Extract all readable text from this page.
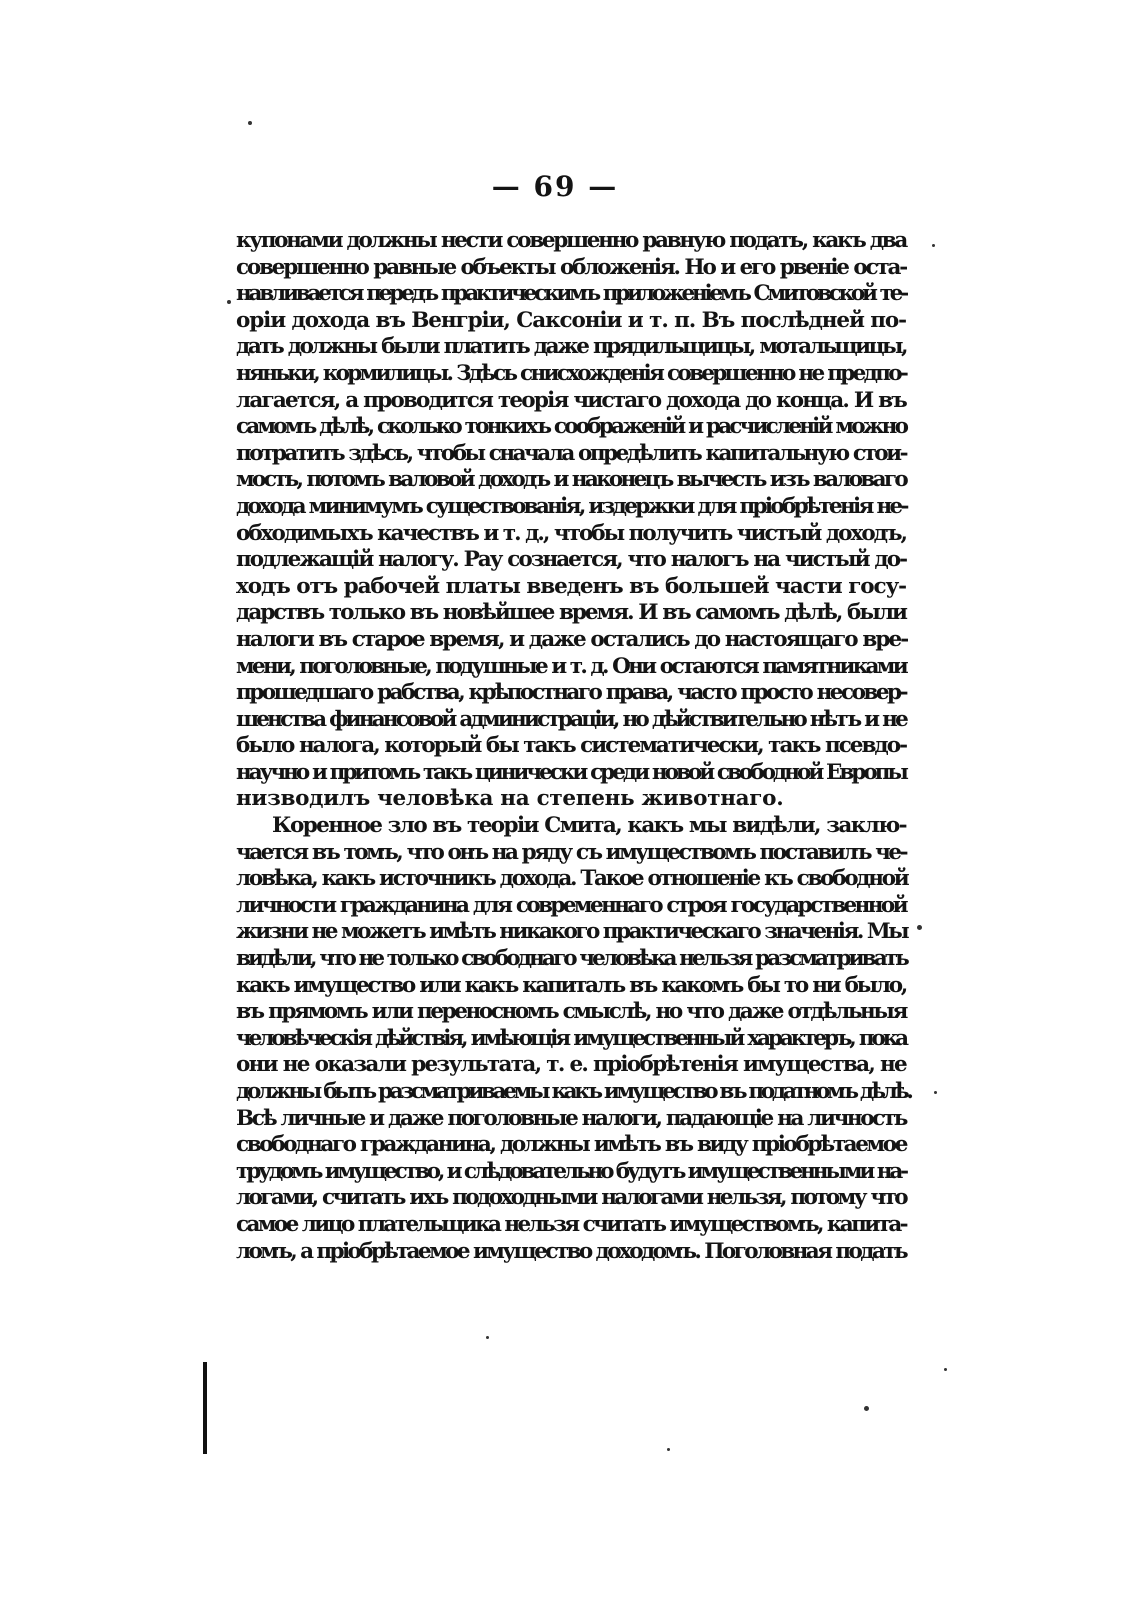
— 69 —
купонами должны нести совершенно равную подать, какъ два
совершенно равные объекты обложенія. Но и его рвеніе оста-
навливается передъ практическимъ приложеніемъ Смитовской те-
оріи дохода въ Венгріи, Саксоніи и т. п. Въ послѣдней по-
дать должны были платить даже прядильщицы, мотальщицы,
няньки, кормилицы. Здѣсь снисхожденія совершенно не предпо-
лагается, а проводится теорія чистаго дохода до конца. И въ
самомъ дѣлѣ, сколько тонкихъ соображеній и расчисленій можно
потратить здѣсь, чтобы сначала опредѣлить капитальную стои-
мость, потомъ валовой доходъ и наконецъ вычесть изъ валоваго
дохода минимумъ существованія, издержки для пріобрѣтенія не-
обходимыхъ качествъ и т. д., чтобы получить чистый доходъ,
подлежащій налогу. Рау сознается, что налогъ на чистый до-
ходъ отъ рабочей платы введенъ въ большей части госу-
дарствъ только въ новѣйшее время. И въ самомъ дѣлѣ, были
налоги въ старое время, и даже остались до настоящаго вре-
мени, поголовные, подушные и т. д. Они остаются памятниками
прошедшаго рабства, крѣпостнаго права, часто просто несовер-
шенства финансовой администраціи, но дѣйствительно нѣтъ и не
было налога, который бы такъ систематически, такъ псевдо-
научно и притомъ такъ цинически среди новой свободной Европы
низводилъ человѣка на степень животнаго.
Коренное зло въ теоріи Смита, какъ мы видѣли, заклю-
чается въ томъ, что онъ на ряду съ имуществомъ поставилъ че-
ловѣка, какъ источникъ дохода. Такое отношеніе къ свободной
личности гражданина для современнаго строя государственной
жизни не можетъ имѣть никакого практическаго значенія. Мы
видѣли, что не только свободнаго человѣка нельзя разсматривать
какъ имущество или какъ капиталъ въ какомъ бы то ни было,
въ прямомъ или переносномъ смыслѣ, но что даже отдѣльныя
человѣческія дѣйствія, имѣющія имущественный характеръ, пока
они не оказали результата, т. е. пріобрѣтенія имущества, не
должны быть разсматриваемы какъ имущество въ податномъ дѣлѣ.
Всѣ личные и даже поголовные налоги, падающіе на личность
свободнаго гражданина, должны имѣть въ виду пріобрѣтаемое
трудомъ имущество, и слѣдовательно будутъ имущественными на-
логами, считать ихъ подоходными налогами нельзя, потому что
самое лицо плательщика нельзя считать имуществомъ, капита-
ломъ, а пріобрѣтаемое имущество доходомъ. Поголовная подать
